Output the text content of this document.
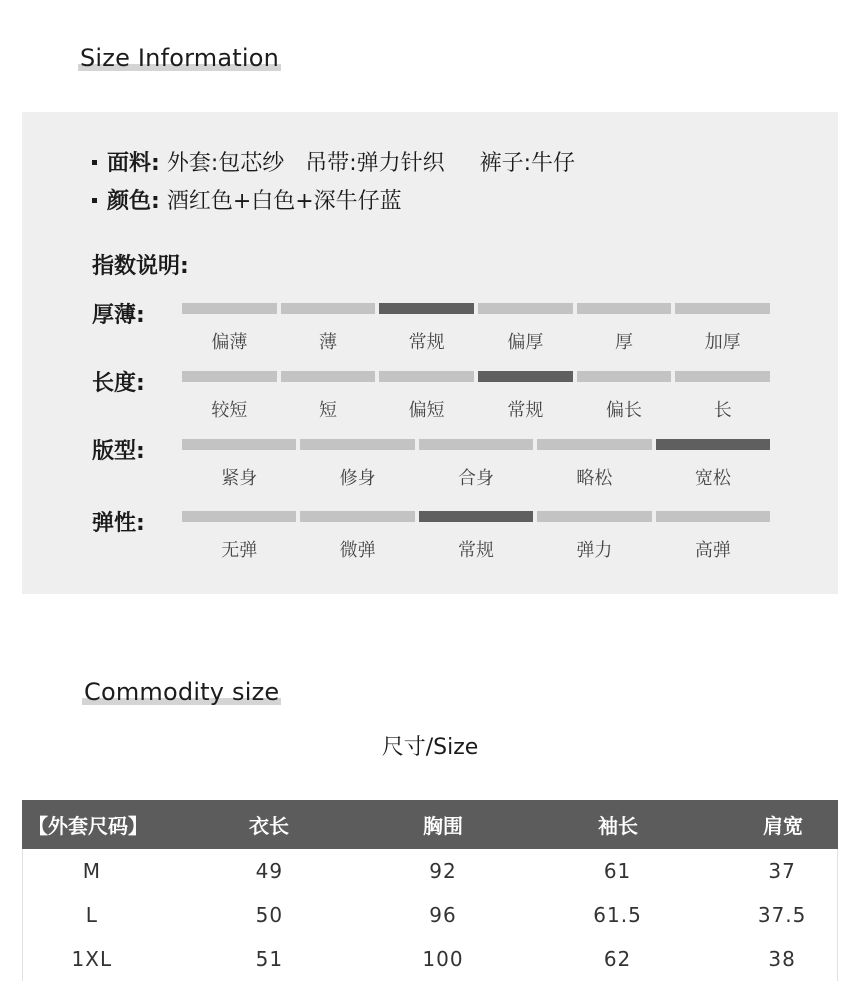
Size Information
面料: 外套:包芯纱   吊带:弹力针织     裤子:牛仔
颜色: 酒红色+白色+深牛仔蓝
指数说明:
厚薄:
偏薄	薄	常规	偏厚	厚	加厚
长度:
较短	短	偏短	常规	偏长	长
版型:
紧身	修身	合身	略松	宽松
弹性:
无弹	微弹	常规	弹力	高弹
Commodity size
尺寸/Size
【外套尺码】	衣长	胸围	袖长	肩宽
M	49	92	61	37
L	50	96	61.5	37.5
1XL	51	100	62	38
